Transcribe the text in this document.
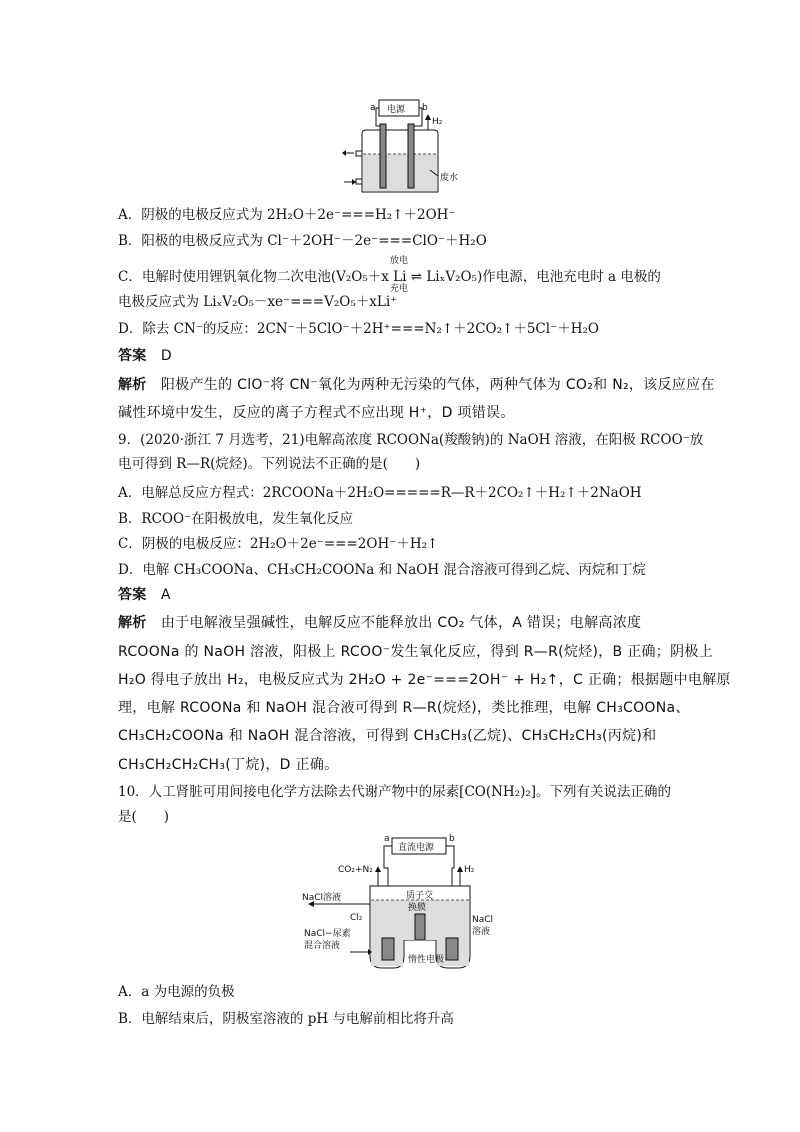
a 电源 b
H₂
废水
A．阴极的电极反应式为 2H₂O＋2e⁻===H₂↑＋2OH⁻
B．阳极的电极反应式为 Cl⁻＋2OH⁻－2e⁻===ClO⁻＋H₂O
C．电解时使用锂钒氧化物二次电池(V₂O₅＋x Li ⇌ LiₓV₂O₅)作电源，电池充电时 a 电极的
放电
充电
电极反应式为 LiₓV₂O₅－xe⁻===V₂O₅＋xLi⁺
D．除去 CN⁻的反应：2CN⁻＋5ClO⁻＋2H⁺===N₂↑＋2CO₂↑＋5Cl⁻＋H₂O
答案 D
解析 阳极产生的 ClO⁻将 CN⁻氧化为两种无污染的气体，两种气体为 CO₂和 N₂，该反应应在
碱性环境中发生，反应的离子方程式不应出现 H⁺，D 项错误。
9．(2020·浙江 7 月选考，21)电解高浓度 RCOONa(羧酸钠)的 NaOH 溶液，在阳极 RCOO⁻放
电可得到 R—R(烷烃)。下列说法不正确的是(　　)
A．电解总反应方程式：2RCOONa＋2H₂O=====R—R＋2CO₂↑＋H₂↑＋2NaOH
B．RCOO⁻在阳极放电，发生氧化反应
C．阴极的电极反应：2H₂O＋2e⁻===2OH⁻＋H₂↑
D．电解 CH₃COONa、CH₃CH₂COONa 和 NaOH 混合溶液可得到乙烷、丙烷和丁烷
答案 A
解析 由于电解液呈强碱性，电解反应不能释放出 CO₂ 气体，A 错误；电解高浓度
RCOONa 的 NaOH 溶液，阳极上 RCOO⁻发生氧化反应，得到 R—R(烷烃)，B 正确；阴极上
H₂O 得电子放出 H₂，电极反应式为 2H₂O + 2e⁻===2OH⁻ + H₂↑，C 正确；根据题中电解原
理，电解 RCOONa 和 NaOH 混合液可得到 R—R(烷烃)，类比推理，电解 CH₃COONa、
CH₃CH₂COONa 和 NaOH 混合溶液，可得到 CH₃CH₃(乙烷)、CH₃CH₂CH₃(丙烷)和
CH₃CH₂CH₂CH₃(丁烷)，D 正确。
10．人工肾脏可用间接电化学方法除去代谢产物中的尿素[CO(NH₂)₂]。下列有关说法正确的
是(　　)
a
直流电源
b
CO₂+N₂	H₂
质子交
换膜
NaCl溶液
Cl₂	NaCl
溶液
NaCl−尿素
混合溶液
惰性电极
A．a 为电源的负极
B．电解结束后，阴极室溶液的 pH 与电解前相比将升高
